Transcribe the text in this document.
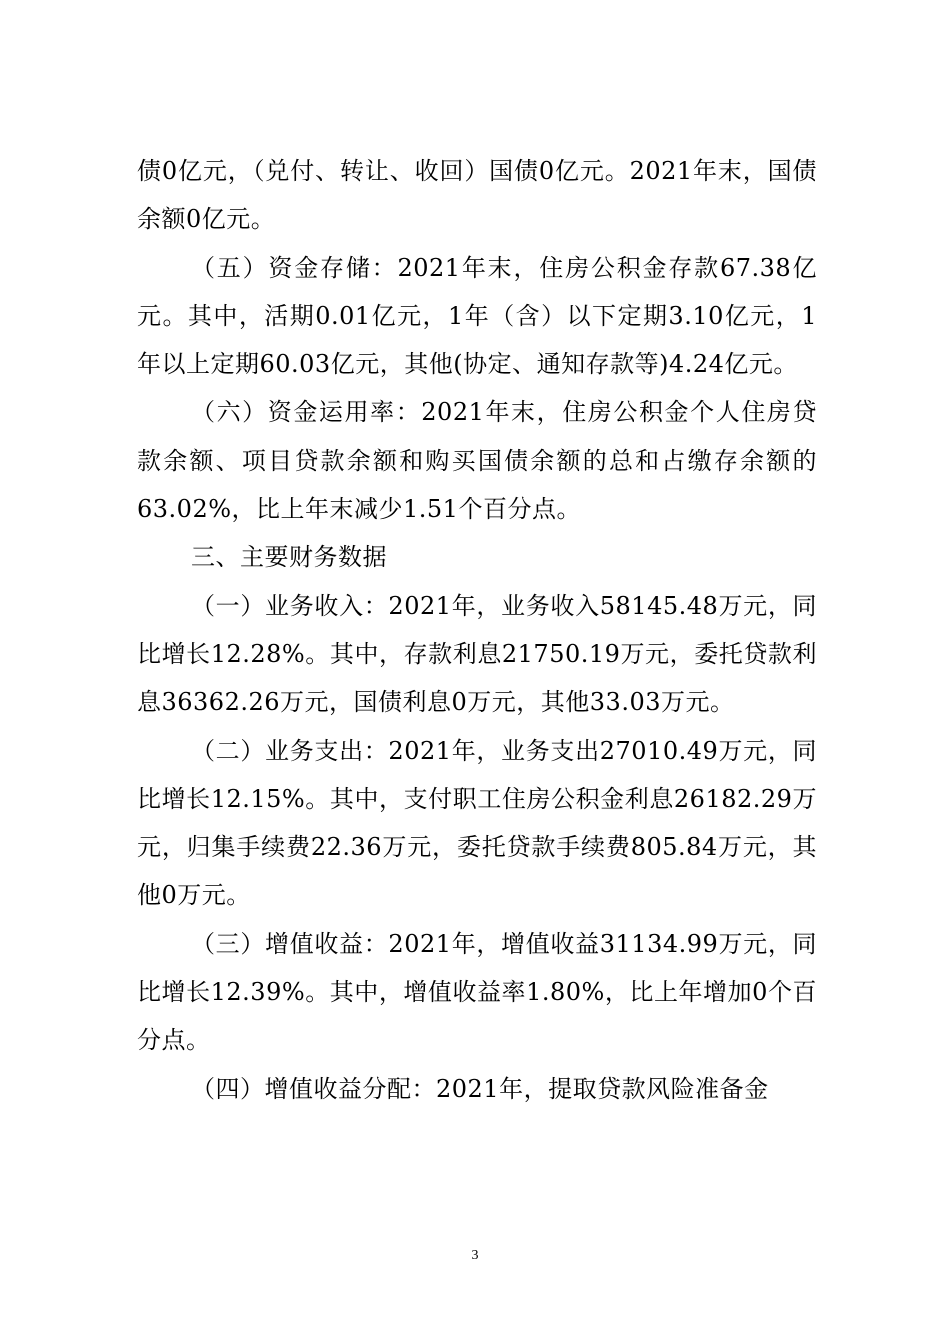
债0亿元，（兑付、转让、收回）国债0亿元。2021年末，国债余额0亿元。

（五）资金存储：2021年末，住房公积金存款67.38亿元。其中，活期0.01亿元，1年（含）以下定期3.10亿元，1年以上定期60.03亿元，其他(协定、通知存款等)4.24亿元。

（六）资金运用率：2021年末，住房公积金个人住房贷款余额、项目贷款余额和购买国债余额的总和占缴存余额的63.02%，比上年末减少1.51个百分点。

三、主要财务数据

（一）业务收入：2021年，业务收入58145.48万元，同比增长12.28%。其中，存款利息21750.19万元，委托贷款利息36362.26万元，国债利息0万元，其他33.03万元。

（二）业务支出：2021年，业务支出27010.49万元，同比增长12.15%。其中，支付职工住房公积金利息26182.29万元，归集手续费22.36万元，委托贷款手续费805.84万元，其他0万元。

（三）增值收益：2021年，增值收益31134.99万元，同比增长12.39%。其中，增值收益率1.80%，比上年增加0个百分点。

（四）增值收益分配：2021年，提取贷款风险准备金

3
